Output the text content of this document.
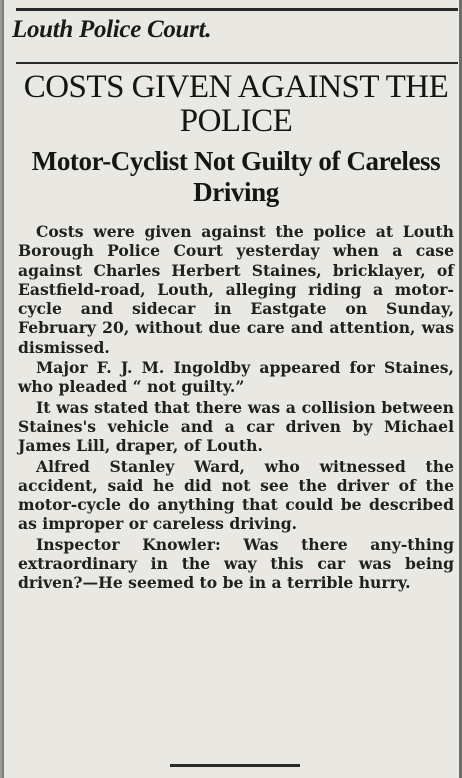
Louth Police Court.
COSTS GIVEN AGAINST THE POLICE
Motor-Cyclist Not Guilty of Careless Driving

Costs were given against the police at Louth Borough Police Court yesterday when a case against Charles Herbert Staines, bricklayer, of Eastfield-road, Louth, alleging riding a motor-cycle and sidecar in Eastgate on Sunday, February 20, without due care and attention, was dismissed.

Major F. J. M. Ingoldby appeared for Staines, who pleaded “ not guilty.”

It was stated that there was a collision between Staines's vehicle and a car driven by Michael James Lill, draper, of Louth.

Alfred Stanley Ward, who witnessed the accident, said he did not see the driver of the motor-cycle do anything that could be described as improper or careless driving.

Inspector Knowler: Was there any-thing extraordinary in the way this car was being driven?—He seemed to be in a terrible hurry.
